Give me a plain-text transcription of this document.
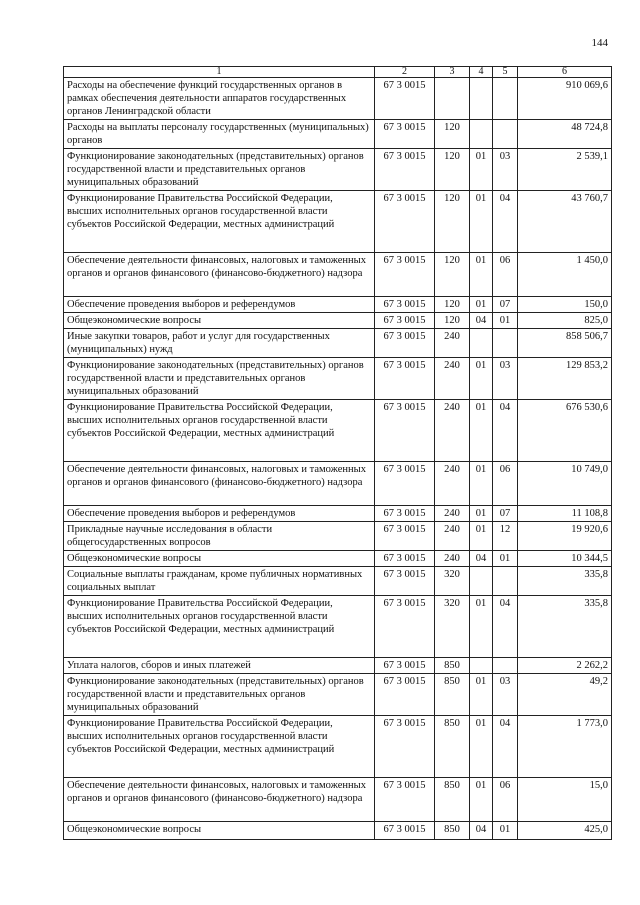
144
1	2	3	4	5	6
Расходы на обеспечение функций государственных органов в рамках обеспечения деятельности аппаратов государственных органов Ленинградской области	67 3 0015				910 069,6
Расходы на выплаты персоналу государственных (муниципальных) органов	67 3 0015	120			48 724,8
Функционирование законодательных (представительных) органов государственной власти и представительных органов муниципальных образований	67 3 0015	120	01	03	2 539,1
Функционирование Правительства Российской Федерации, высших исполнительных органов государственной власти субъектов Российской Федерации, местных администраций	67 3 0015	120	01	04	43 760,7
Обеспечение деятельности финансовых, налоговых и таможенных органов и органов финансового (финансово-бюджетного) надзора	67 3 0015	120	01	06	1 450,0
Обеспечение проведения выборов и референдумов	67 3 0015	120	01	07	150,0
Общеэкономические вопросы	67 3 0015	120	04	01	825,0
Иные закупки товаров, работ и услуг для государственных (муниципальных) нужд	67 3 0015	240			858 506,7
Функционирование законодательных (представительных) органов государственной власти и представительных органов муниципальных образований	67 3 0015	240	01	03	129 853,2
Функционирование Правительства Российской Федерации, высших исполнительных органов государственной власти субъектов Российской Федерации, местных администраций	67 3 0015	240	01	04	676 530,6
Обеспечение деятельности финансовых, налоговых и таможенных органов и органов финансового (финансово-бюджетного) надзора	67 3 0015	240	01	06	10 749,0
Обеспечение проведения выборов и референдумов	67 3 0015	240	01	07	11 108,8
Прикладные научные исследования в области общегосударственных вопросов	67 3 0015	240	01	12	19 920,6
Общеэкономические вопросы	67 3 0015	240	04	01	10 344,5
Социальные выплаты гражданам, кроме публичных нормативных социальных выплат	67 3 0015	320			335,8
Функционирование Правительства Российской Федерации, высших исполнительных органов государственной власти субъектов Российской Федерации, местных администраций	67 3 0015	320	01	04	335,8
Уплата налогов, сборов и иных платежей	67 3 0015	850			2 262,2
Функционирование законодательных (представительных) органов государственной власти и представительных органов муниципальных образований	67 3 0015	850	01	03	49,2
Функционирование Правительства Российской Федерации, высших исполнительных органов государственной власти субъектов Российской Федерации, местных администраций	67 3 0015	850	01	04	1 773,0
Обеспечение деятельности финансовых, налоговых и таможенных органов и органов финансового (финансово-бюджетного) надзора	67 3 0015	850	01	06	15,0
Общеэкономические вопросы	67 3 0015	850	04	01	425,0
